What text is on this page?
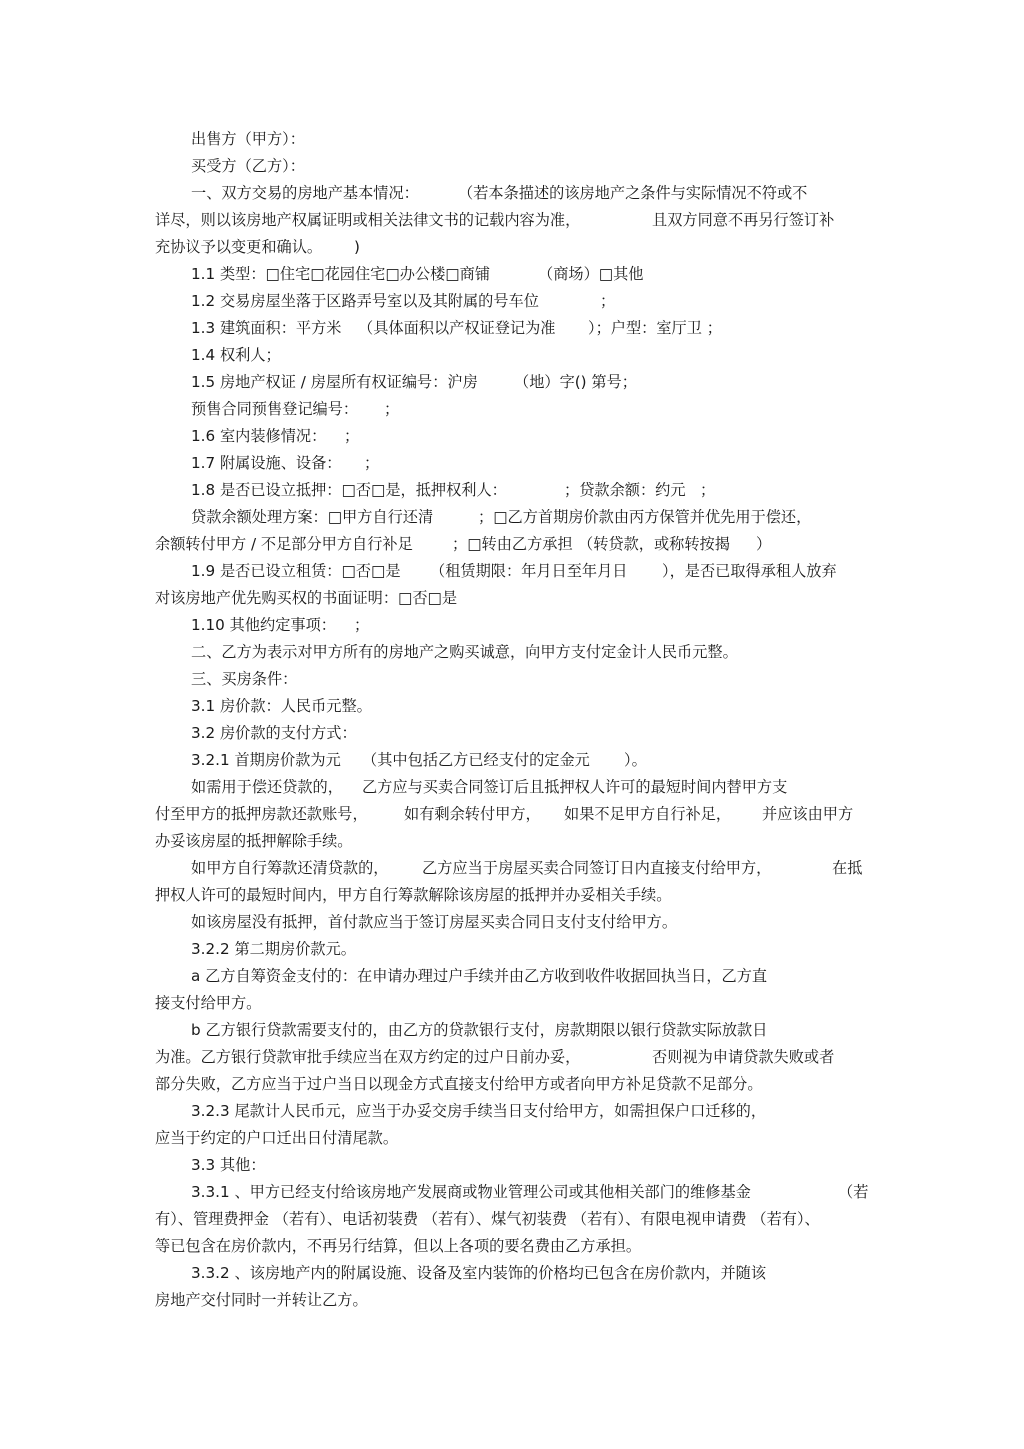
出售方（甲方）：
买受方（乙方）：
一、双方交易的房地产基本情况：	（若本条描述的该房地产之条件与实际情况不符或不
详尽，则以该房地产权属证明或相关法律文书的记载内容为准，	且双方同意不再另行签订补
充协议予以变更和确认。 )
1.1 类型：□住宅□花园住宅□办公楼□商铺	（商场）□其他
1.2 交易房屋坐落于区路弄号室以及其附属的号车位	；
1.3 建筑面积：平方米 （具体面积以产权证登记为准 ）；户型：室厅卫 ；
1.4 权利人；
1.5 房地产权证 / 房屋所有权证编号：沪房 （地）字() 第号；
预售合同预售登记编号： ；
1.6 室内装修情况： ；
1.7 附属设施、设备： ；
1.8 是否已设立抵押：□否□是，抵押权利人：	；贷款余额：约元 ；
贷款余额处理方案：□甲方自行还清	；□乙方首期房价款由丙方保管并优先用于偿还，
余额转付甲方 / 不足部分甲方自行补足	；□转由乙方承担 （转贷款，或称转按揭 ）
1.9 是否已设立租赁：□否□是 （租赁期限：年月日至年月日 ），是否已取得承租人放弃
对该房地产优先购买权的书面证明：□否□是
1.10 其他约定事项： ；
二、乙方为表示对甲方所有的房地产之购买诚意，向甲方支付定金计人民币元整。
三、买房条件：
3.1 房价款：人民币元整。
3.2 房价款的支付方式：
3.2.1 首期房价款为元 （其中包括乙方已经支付的定金元 ）。
如需用于偿还贷款的， 乙方应与买卖合同签订后且抵押权人许可的最短时间内替甲方支
付至甲方的抵押房款还款账号， 如有剩余转付甲方， 如果不足甲方自行补足， 并应该由甲方
办妥该房屋的抵押解除手续。
如甲方自行筹款还清贷款的， 乙方应当于房屋买卖合同签订日内直接支付给甲方，	在抵
押权人许可的最短时间内，甲方自行筹款解除该房屋的抵押并办妥相关手续。
如该房屋没有抵押，首付款应当于签订房屋买卖合同日支付支付给甲方。
3.2.2 第二期房价款元。
a 乙方自筹资金支付的：在申请办理过户手续并由乙方收到收件收据回执当日，乙方直
接支付给甲方。
b 乙方银行贷款需要支付的，由乙方的贷款银行支付，房款期限以银行贷款实际放款日
为准。乙方银行贷款审批手续应当在双方约定的过户日前办妥，	否则视为申请贷款失败或者
部分失败，乙方应当于过户当日以现金方式直接支付给甲方或者向甲方补足贷款不足部分。
3.2.3 尾款计人民币元，应当于办妥交房手续当日支付给甲方，如需担保户口迁移的，
应当于约定的户口迁出日付清尾款。
3.3 其他：
3.3.1 、甲方已经支付给该房地产发展商或物业管理公司或其他相关部门的维修基金	（若
有）、管理费押金 （若有）、电话初装费 （若有）、煤气初装费 （若有）、有限电视申请费 （若有）、
等已包含在房价款内，不再另行结算，但以上各项的要名费由乙方承担。
3.3.2 、该房地产内的附属设施、设备及室内装饰的价格均已包含在房价款内，并随该
房地产交付同时一并转让乙方。
